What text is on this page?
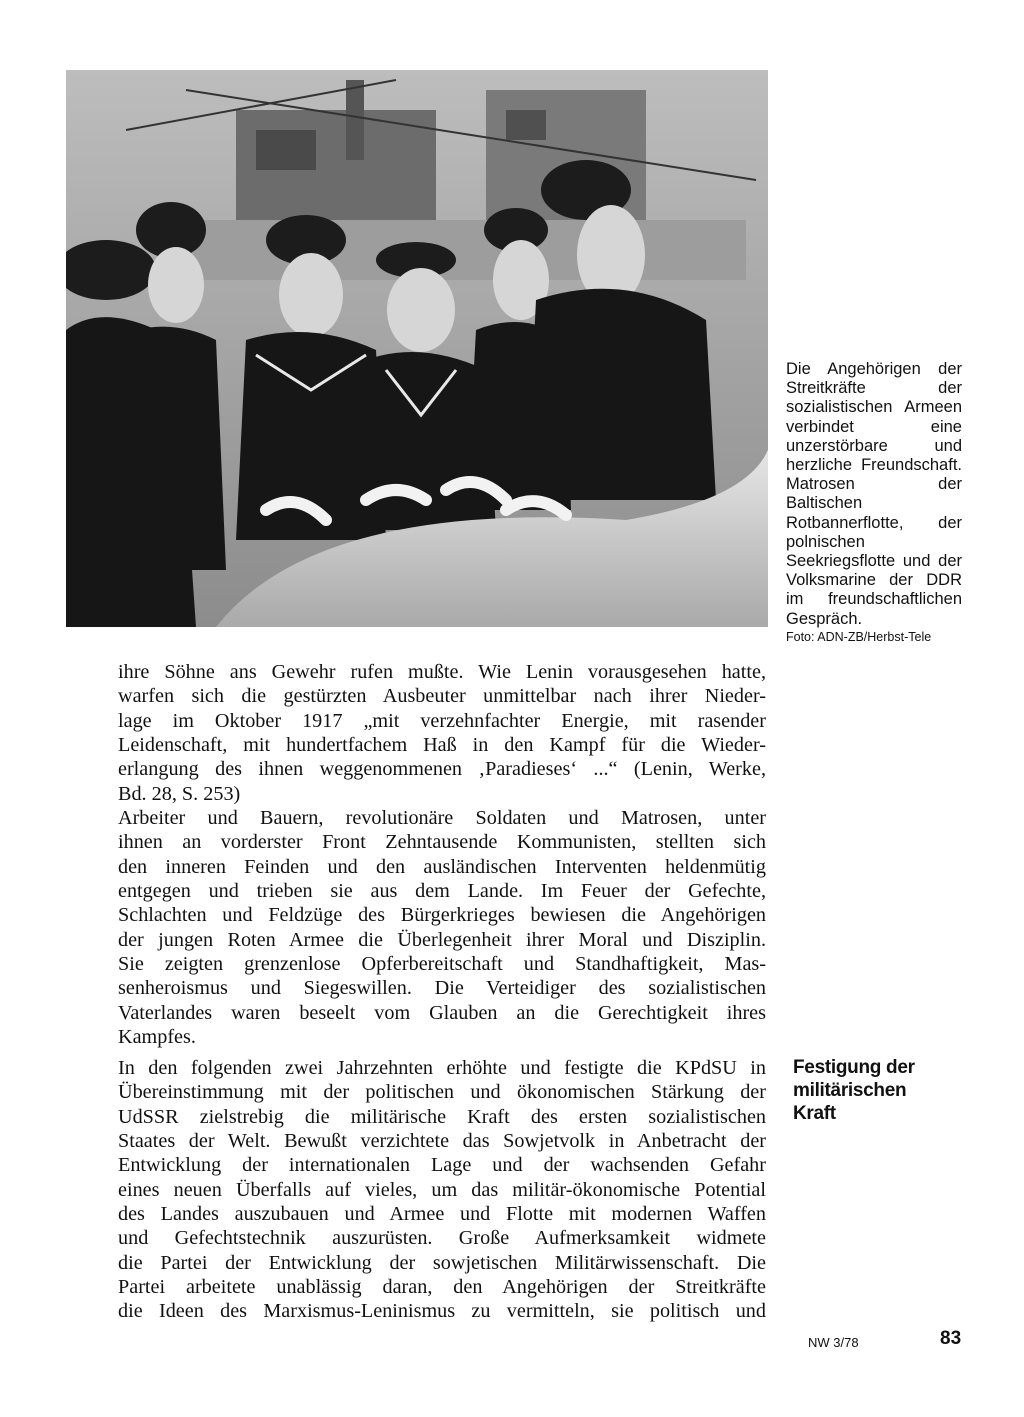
Die Angehörigen der Streitkräfte der sozialistischen Armeen verbindet eine unzerstörbare und herzliche Freundschaft. Matrosen der Baltischen Rotbannerflotte, der polnischen Seekriegsflotte und der Volksmarine der DDR im freundschaftlichen Gespräch.
Foto: ADN-ZB/Herbst-Tele
ihre Söhne ans Gewehr rufen mußte. Wie Lenin vorausgesehen hatte,
warfen sich die gestürzten Ausbeuter unmittelbar nach ihrer Nieder-
lage im Oktober 1917 „mit verzehnfachter Energie, mit rasender
Leidenschaft, mit hundertfachem Haß in den Kampf für die Wieder-
erlangung des ihnen weggenommenen ‚Paradieses‘ ...“ (Lenin, Werke,
Bd. 28, S. 253)
Arbeiter und Bauern, revolutionäre Soldaten und Matrosen, unter
ihnen an vorderster Front Zehntausende Kommunisten, stellten sich
den inneren Feinden und den ausländischen Interventen heldenmütig
entgegen und trieben sie aus dem Lande. Im Feuer der Gefechte,
Schlachten und Feldzüge des Bürgerkrieges bewiesen die Angehörigen
der jungen Roten Armee die Überlegenheit ihrer Moral und Disziplin.
Sie zeigten grenzenlose Opferbereitschaft und Standhaftigkeit, Mas-
senheroismus und Siegeswillen. Die Verteidiger des sozialistischen
Vaterlandes waren beseelt vom Glauben an die Gerechtigkeit ihres
Kampfes.
Festigung der
militärischen
Kraft
In den folgenden zwei Jahrzehnten erhöhte und festigte die KPdSU in
Übereinstimmung mit der politischen und ökonomischen Stärkung der
UdSSR zielstrebig die militärische Kraft des ersten sozialistischen
Staates der Welt. Bewußt verzichtete das Sowjetvolk in Anbetracht der
Entwicklung der internationalen Lage und der wachsenden Gefahr
eines neuen Überfalls auf vieles, um das militär-ökonomische Potential
des Landes auszubauen und Armee und Flotte mit modernen Waffen
und Gefechtstechnik auszurüsten. Große Aufmerksamkeit widmete
die Partei der Entwicklung der sowjetischen Militärwissenschaft. Die
Partei arbeitete unablässig daran, den Angehörigen der Streitkräfte
die Ideen des Marxismus-Leninismus zu vermitteln, sie politisch und
NW 3/78	83
